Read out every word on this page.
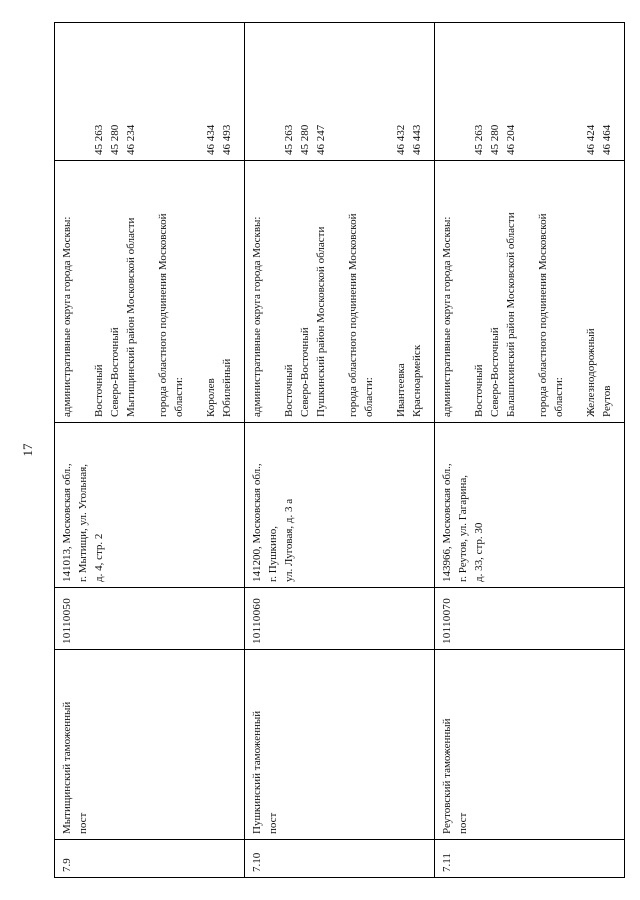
17
7.9

Мытищинский таможенный пост

10110050

141013, Московская обл., г. Мытищи, ул. Угольная, д. 4, стр. 2

административные округа города Москвы: Восточный Северо-Восточный Мытищинский район Московской области города областного подчинения Московской области: Королев Юбилейный

45 263 45 280 46 234	46 434 46 493

7.10

Пушкинский таможенный пост

10110060

141200, Московская обл., г. Пушкино, ул. Луговая, д. 3 а

административные округа города Москвы: Восточный Северо-Восточный Пушкинский район Московской области города областного подчинения Московской области: Ивантеевка Красноармейск

45 263 45 280 46 247	46 432 46 443

7.11

Реутовский таможенный пост

10110070

143966, Московская обл., г. Реутов, ул. Гагарина, д. 33, стр. 30

административные округа города Москвы: Восточный Северо-Восточный Балашихинский район Московской области города областного подчинения Московской области: Железнодорожный Реутов

45 263 45 280 46 204	46 424 46 464
